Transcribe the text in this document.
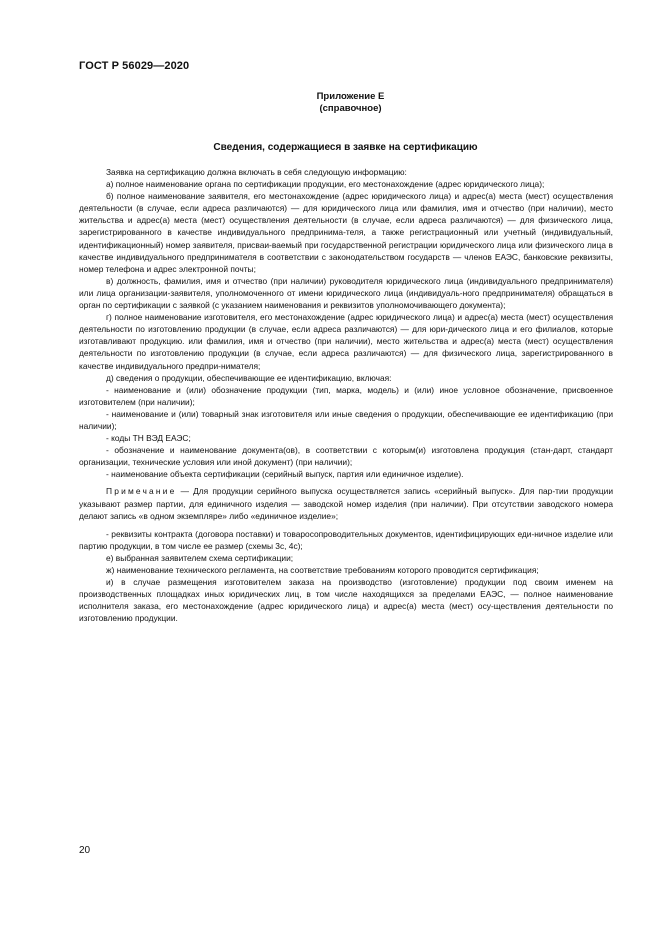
ГОСТ Р 56029—2020
Приложение Е
(справочное)
Сведения, содержащиеся в заявке на сертификацию

Заявка на сертификацию должна включать в себя следующую информацию:

а) полное наименование органа по сертификации продукции, его местонахождение (адрес юридического лица);

б) полное наименование заявителя, его местонахождение (адрес юридического лица) и адрес(а) места (мест) осуществления деятельности (в случае, если адреса различаются) — для юридического лица или фамилия, имя и отчество (при наличии), место жительства и адрес(а) места (мест) осуществления деятельности (в случае, если адреса различаются) — для физического лица, зарегистрированного в качестве индивидуального предпринима-теля, а также регистрационный или учетный (индивидуальный, идентификационный) номер заявителя, присваи-ваемый при государственной регистрации юридического лица или физического лица в качестве индивидуального предпринимателя в соответствии с законодательством государств — членов ЕАЭС, банковские реквизиты, номер телефона и адрес электронной почты;

в) должность, фамилия, имя и отчество (при наличии) руководителя юридического лица (индивидуального предпринимателя) или лица организации-заявителя, уполномоченного от имени юридического лица (индивидуаль-ного предпринимателя) обращаться в орган по сертификации с заявкой (с указанием наименования и реквизитов уполномочивающего документа);

г) полное наименование изготовителя, его местонахождение (адрес юридического лица) и адрес(а) места (мест) осуществления деятельности по изготовлению продукции (в случае, если адреса различаются) — для юри-дического лица и его филиалов, которые изготавливают продукцию. или фамилия, имя и отчество (при наличии), место жительства и адрес(а) места (мест) осуществления деятельности по изготовлению продукции (в случае, если адреса различаются) — для физического лица, зарегистрированного в качестве индивидуального предпри-нимателя;

д) сведения о продукции, обеспечивающие ее идентификацию, включая:

- наименование и (или) обозначение продукции (тип, марка, модель) и (или) иное условное обозначение, присвоенное изготовителем (при наличии);

- наименование и (или) товарный знак изготовителя или иные сведения о продукции, обеспечивающие ее идентификацию (при наличии);

- коды ТН ВЭД ЕАЭС;

- обозначение и наименование документа(ов), в соответствии с которым(и) изготовлена продукция (стан-дарт, стандарт организации, технические условия или иной документ) (при наличии);

- наименование объекта сертификации (серийный выпуск, партия или единичное изделие).

Примечание — Для продукции серийного выпуска осуществляется запись «серийный выпуск». Для пар-тии продукции указывают размер партии, для единичного изделия — заводской номер изделия (при наличии). При отсутствии заводского номера делают запись «в одном экземпляре» либо «единичное изделие»;

- реквизиты контракта (договора поставки) и товаросопроводительных документов, идентифицирующих еди-ничное изделие или партию продукции, в том числе ее размер (схемы 3с, 4с);

е) выбранная заявителем схема сертификации;

ж) наименование технического регламента, на соответствие требованиям которого проводится сертификация;

и) в случае размещения изготовителем заказа на производство (изготовление) продукции под своим именем на производственных площадках иных юридических лиц, в том числе находящихся за пределами ЕАЭС, — полное наименование исполнителя заказа, его местонахождение (адрес юридического лица) и адрес(а) места (мест) осу-ществления деятельности по изготовлению продукции.

20
